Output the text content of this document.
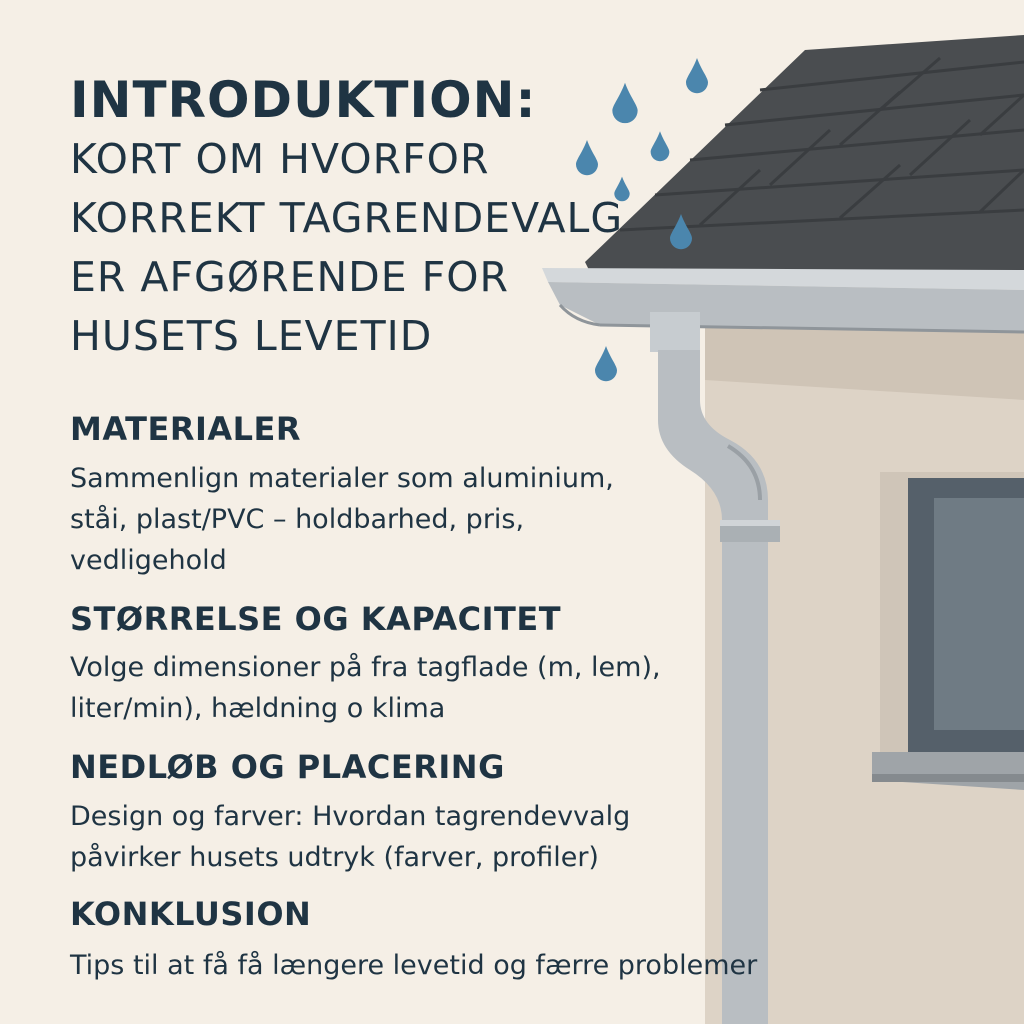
INTRODUKTION:
KORT OM HVORFOR
KORREKT TAGRENDEVALG
ER AFGØRENDE FOR
HUSETS LEVETID
MATERIALER
Sammenlign materialer som aluminium,
ståi, plast/PVC – holdbarhed, pris,
vedligehold
STØRRELSE OG KAPACITET
Volge dimensioner på fra tagflade (m, lem),
liter/min), hældning o klima
NEDLØB OG PLACERING
Design og farver: Hvordan tagrendevvalg
påvirker husets udtryk (farver, profiler)
KONKLUSION
Tips til at få få længere levetid og færre problemer
